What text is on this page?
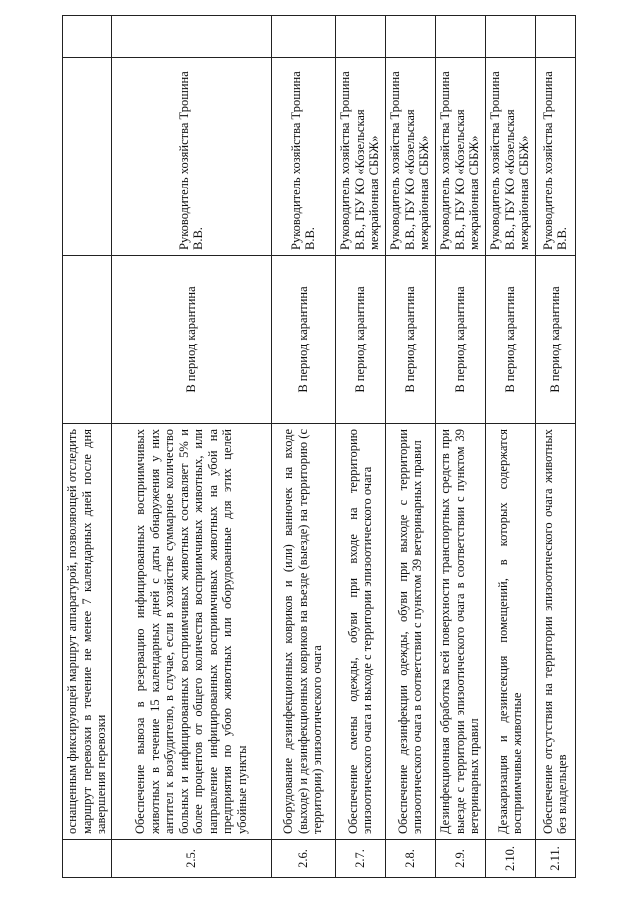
	оснащенным фиксирующей маршрут аппаратурой, позволяющей отследить маршрут перевозки в течение не менее 7 календарных дней после дня завершения перевозки			
2.5.	Обеспечение вывоза в резервацию инфицированных восприимчивых животных в течение 15 календарных дней с даты обнаружения у них антител к возбудителю, в случае, если в хозяйстве суммарное количество больных и инфицированных восприимчивых животных составляет 5% и более процентов от общего количества восприимчивых животных, или направление инфицированных восприимчивых животных на убой на предприятия по убою животных или оборудованные для этих целей убойные пункты	В период карантина	Руководитель хозяйства Трошина В.В.	
2.6.	Оборудование дезинфекционных ковриков и (или) ванночек на входе (выходе) и дезинфекционных ковриков на въезде (выезде) на территорию (с территории) эпизоотического очага	В период карантина	Руководитель хозяйства Трошина В.В.	
2.7.	Обеспечение смены одежды, обуви при входе на территорию эпизоотического очага и выходе с территории эпизоотического очага	В период карантина	Руководитель хозяйства Трошина В.В., ГБУ КО «Козельская межрайонная СББЖ»	
2.8.	Обеспечение дезинфекции одежды, обуви при выходе с территории эпизоотического очага в соответствии с пунктом 39 ветеринарных правил	В период карантина	Руководитель хозяйства Трошина В.В., ГБУ КО «Козельская межрайонная СББЖ»	
2.9.	Дезинфекционная обработка всей поверхности транспортных средств при выезде с территории эпизоотического очага в соответствии с пунктом 39 ветеринарных правил	В период карантина	Руководитель хозяйства Трошина В.В., ГБУ КО «Козельская межрайонная СББЖ»	
2.10.	Дезакаризация и дезинсекция помещений, в которых содержатся восприимчивые животные	В период карантина	Руководитель хозяйства Трошина В.В., ГБУ КО «Козельская межрайонная СББЖ»	
2.11.	Обеспечение отсутствия на территории эпизоотического очага животных без владельцев	В период карантина	Руководитель хозяйства Трошина В.В.	
